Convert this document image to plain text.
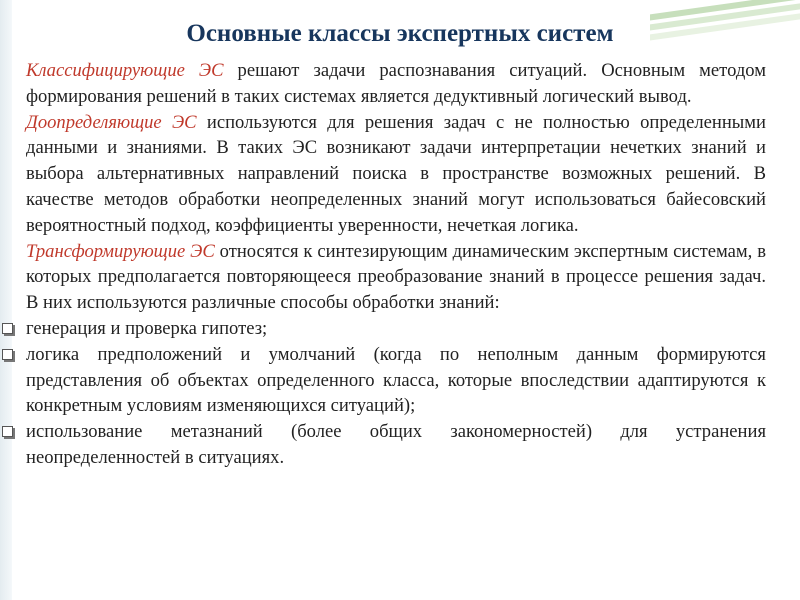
Основные классы экспертных систем

Классифицирующие ЭС решают задачи распознавания ситуаций. Основным методом формирования решений в таких системах является дедуктивный логический вывод.

Доопределяющие ЭС используются для решения задач с не полностью определенными данными и знаниями. В таких ЭС возникают задачи интерпретации нечетких знаний и выбора альтернативных направлений поиска в пространстве возможных решений. В качестве методов обработки неопределенных знаний могут использоваться байесовский вероятностный подход, коэффициенты уверенности, нечеткая логика.

Трансформирующие ЭС относятся к синтезирующим динамическим экспертным системам, в которых предполагается повторяющееся преобразование знаний в процессе решения задач. В них используются различные способы обработки знаний:

генерация и проверка гипотез;
логика предположений и умолчаний (когда по неполным данным формируются представления об объектах определенного класса, которые впоследствии адаптируются к конкретным условиям изменяющихся ситуаций);
использование метазнаний (более общих закономерностей) для устранения неопределенностей в ситуациях.
